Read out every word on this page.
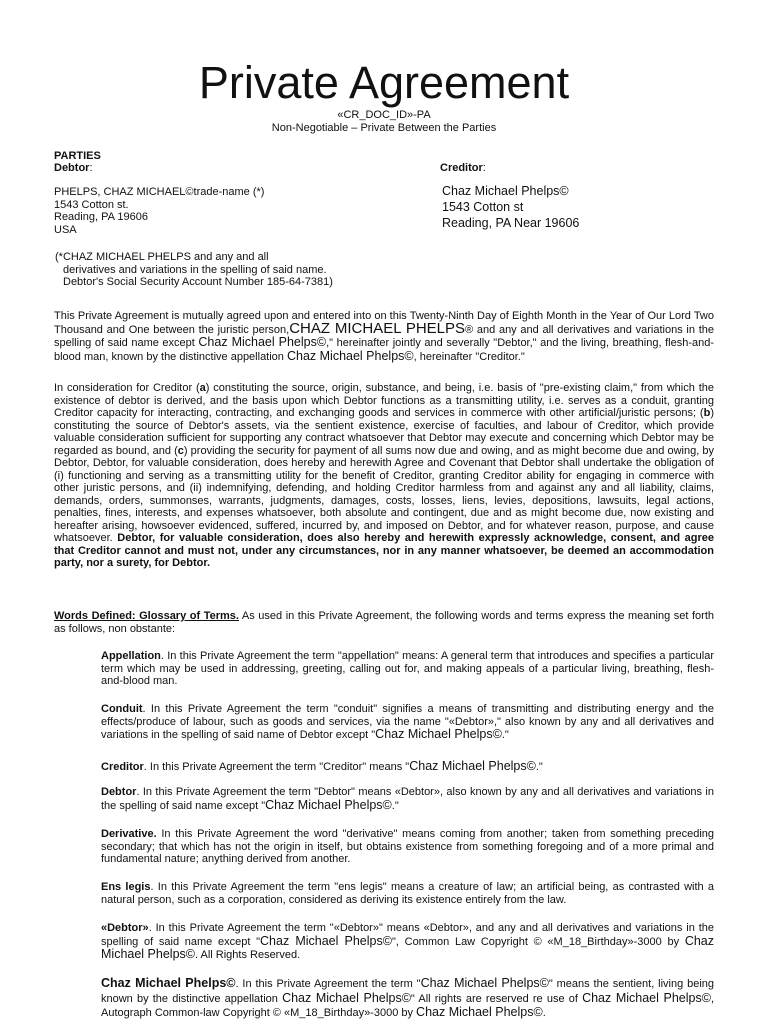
Private Agreement
«CR_DOC_ID»-PA
Non-Negotiable – Private Between the Parties
PARTIES
Debtor:	Creditor:
PHELPS, CHAZ MICHAEL©trade-name (*)
1543 Cotton st.
Reading, PA 19606
USA
Chaz Michael Phelps©
1543 Cotton st
Reading, PA Near 19606
(*CHAZ MICHAEL PHELPS and any and all
derivatives and variations in the spelling of said name.
Debtor's Social Security Account Number 185-64-7381)

This Private Agreement is mutually agreed upon and entered into on this Twenty-Ninth Day of Eighth Month in the Year of Our Lord Two Thousand and One between the juristic person,CHAZ MICHAEL PHELPS® and any and all derivatives and variations in the spelling of said name except Chaz Michael Phelps©," hereinafter jointly and severally "Debtor," and the living, breathing, flesh-and-blood man, known by the distinctive appellation Chaz Michael Phelps©, hereinafter "Creditor."

In consideration for Creditor (a) constituting the source, origin, substance, and being, i.e. basis of "pre-existing claim," from which the existence of debtor is derived, and the basis upon which Debtor functions as a transmitting utility, i.e. serves as a conduit, granting Creditor capacity for interacting, contracting, and exchanging goods and services in commerce with other artificial/juristic persons; (b) constituting the source of Debtor's assets, via the sentient existence, exercise of faculties, and labour of Creditor, which provide valuable consideration sufficient for supporting any contract whatsoever that Debtor may execute and concerning which Debtor may be regarded as bound, and (c) providing the security for payment of all sums now due and owing, and as might become due and owing, by Debtor, Debtor, for valuable consideration, does hereby and herewith Agree and Covenant that Debtor shall undertake the obligation of (i) functioning and serving as a transmitting utility for the benefit of Creditor, granting Creditor ability for engaging in commerce with other juristic persons, and (ii) indemnifying, defending, and holding Creditor harmless from and against any and all liability, claims, demands, orders, summonses, warrants, judgments, damages, costs, losses, liens, levies, depositions, lawsuits, legal actions, penalties, fines, interests, and expenses whatsoever, both absolute and contingent, due and as might become due, now existing and hereafter arising, howsoever evidenced, suffered, incurred by, and imposed on Debtor, and for whatever reason, purpose, and cause whatsoever. Debtor, for valuable consideration, does also hereby and herewith expressly acknowledge, consent, and agree that Creditor cannot and must not, under any circumstances, nor in any manner whatsoever, be deemed an accommodation party, nor a surety, for Debtor.

Words Defined: Glossary of Terms. As used in this Private Agreement, the following words and terms express the meaning set forth as follows, non obstante:

Appellation. In this Private Agreement the term "appellation" means: A general term that introduces and specifies a particular term which may be used in addressing, greeting, calling out for, and making appeals of a particular living, breathing, flesh-and-blood man.

Conduit. In this Private Agreement the term "conduit" signifies a means of transmitting and distributing energy and the effects/produce of labour, such as goods and services, via the name "«Debtor»," also known by any and all derivatives and variations in the spelling of said name of Debtor except "Chaz Michael Phelps©."

Creditor. In this Private Agreement the term "Creditor" means "Chaz Michael Phelps©."

Debtor. In this Private Agreement the term "Debtor" means «Debtor», also known by any and all derivatives and variations in the spelling of said name except "Chaz Michael Phelps©."

Derivative. In this Private Agreement the word "derivative" means coming from another; taken from something preceding secondary; that which has not the origin in itself, but obtains existence from something foregoing and of a more primal and fundamental nature; anything derived from another.

Ens legis. In this Private Agreement the term "ens legis" means a creature of law; an artificial being, as contrasted with a natural person, such as a corporation, considered as deriving its existence entirely from the law.

«Debtor». In this Private Agreement the term "«Debtor»" means «Debtor», and any and all derivatives and variations in the spelling of said name except "Chaz Michael Phelps©", Common Law Copyright © «M_18_Birthday»-3000 by Chaz Michael Phelps©. All Rights Reserved.

Chaz Michael Phelps©. In this Private Agreement the term "Chaz Michael Phelps©" means the sentient, living being known by the distinctive appellation Chaz Michael Phelps©" All rights are reserved re use of Chaz Michael Phelps©, Autograph Common-law Copyright © «M_18_Birthday»-3000 by Chaz Michael Phelps©.
